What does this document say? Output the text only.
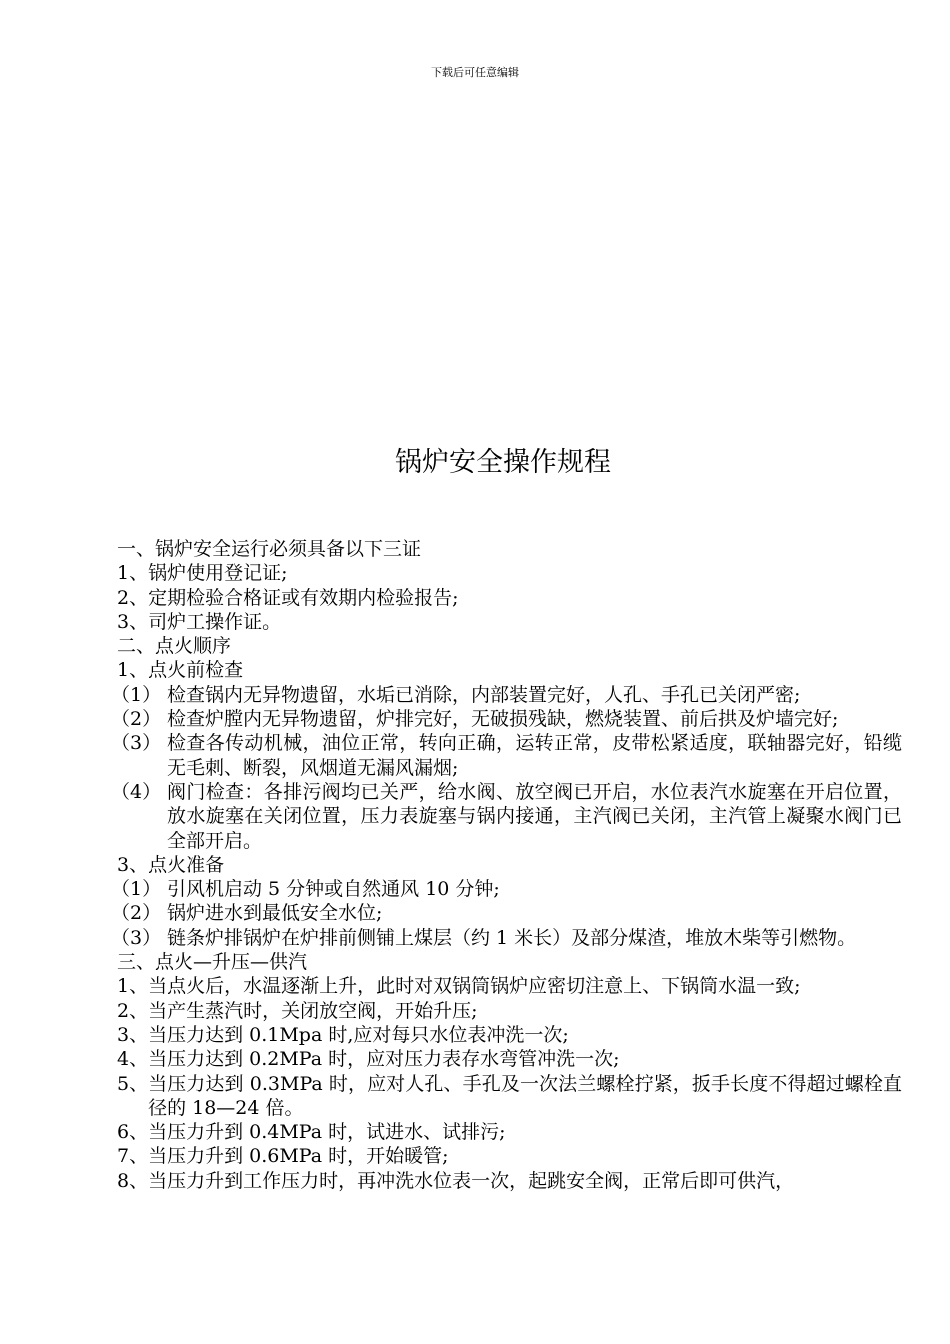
下载后可任意编辑
锅炉安全操作规程
一、锅炉安全运行必须具备以下三证
1、锅炉使用登记证;
2、定期检验合格证或有效期内检验报告;
3、司炉工操作证。
二、点火顺序
1、点火前检查
（1） 检查锅内无异物遗留，水垢已消除，内部装置完好，人孔、手孔已关闭严密;
（2） 检查炉膛内无异物遗留，炉排完好，无破损残缺，燃烧装置、前后拱及炉墙完好;
（3） 检查各传动机械，油位正常，转向正确，运转正常，皮带松紧适度，联轴器完好，铅缆无毛刺、断裂，风烟道无漏风漏烟;
（4） 阀门检查：各排污阀均已关严，给水阀、放空阀已开启，水位表汽水旋塞在开启位置，放水旋塞在关闭位置，压力表旋塞与锅内接通，主汽阀已关闭，主汽管上凝聚水阀门已全部开启。
3、点火准备
（1） 引风机启动 5 分钟或自然通风 10 分钟;
（2） 锅炉进水到最低安全水位;
（3） 链条炉排锅炉在炉排前侧铺上煤层（约 1 米长）及部分煤渣，堆放木柴等引燃物。
三、点火—升压—供汽
1、 当点火后，水温逐渐上升，此时对双锅筒锅炉应密切注意上、下锅筒水温一致;
2、当产生蒸汽时，关闭放空阀，开始升压;
3、当压力达到 0.1Mpa 时,应对每只水位表冲洗一次;
4、当压力达到 0.2MPa 时，应对压力表存水弯管冲洗一次;
5、 当压力达到 0.3MPa 时，应对人孔、手孔及一次法兰螺栓拧紧，扳手长度不得超过螺栓直径的 18—24 倍。
6、当压力升到 0.4MPa 时，试进水、试排污;
7、当压力升到 0.6MPa 时，开始暖管;
8、当压力升到工作压力时，再冲洗水位表一次，起跳安全阀，正常后即可供汽，
